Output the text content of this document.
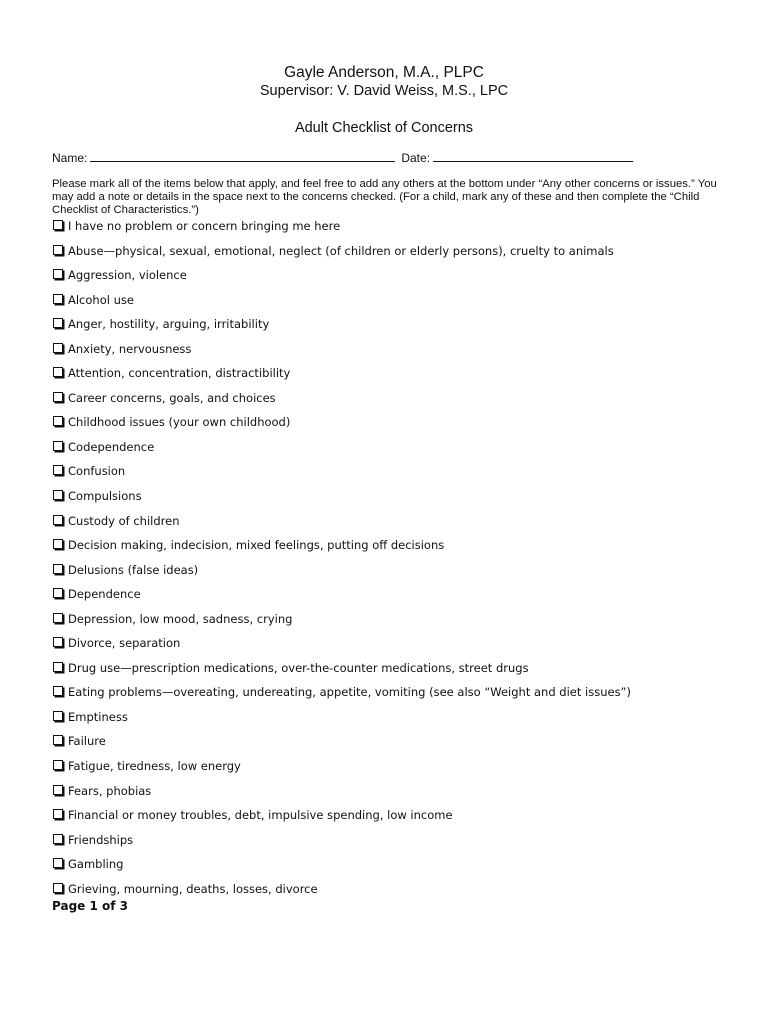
Gayle Anderson, M.A., PLPC
Supervisor: V. David Weiss, M.S., LPC
Adult Checklist of Concerns
Name:	Date:
Please mark all of the items below that apply, and feel free to add any others at the bottom under “Any other concerns or issues.” You may add a note or details in the space next to the concerns checked. (For a child, mark any of these and then complete the “Child Checklist of Characteristics.”)
I have no problem or concern bringing me here
Abuse—physical, sexual, emotional, neglect (of children or elderly persons), cruelty to animals
Aggression, violence
Alcohol use
Anger, hostility, arguing, irritability
Anxiety, nervousness
Attention, concentration, distractibility
Career concerns, goals, and choices
Childhood issues (your own childhood)
Codependence
Confusion
Compulsions
Custody of children
Decision making, indecision, mixed feelings, putting off decisions
Delusions (false ideas)
Dependence
Depression, low mood, sadness, crying
Divorce, separation
Drug use—prescription medications, over-the-counter medications, street drugs
Eating problems—overeating, undereating, appetite, vomiting (see also “Weight and diet issues”)
Emptiness
Failure
Fatigue, tiredness, low energy
Fears, phobias
Financial or money troubles, debt, impulsive spending, low income
Friendships
Gambling
Grieving, mourning, deaths, losses, divorce
Page 1 of 3
